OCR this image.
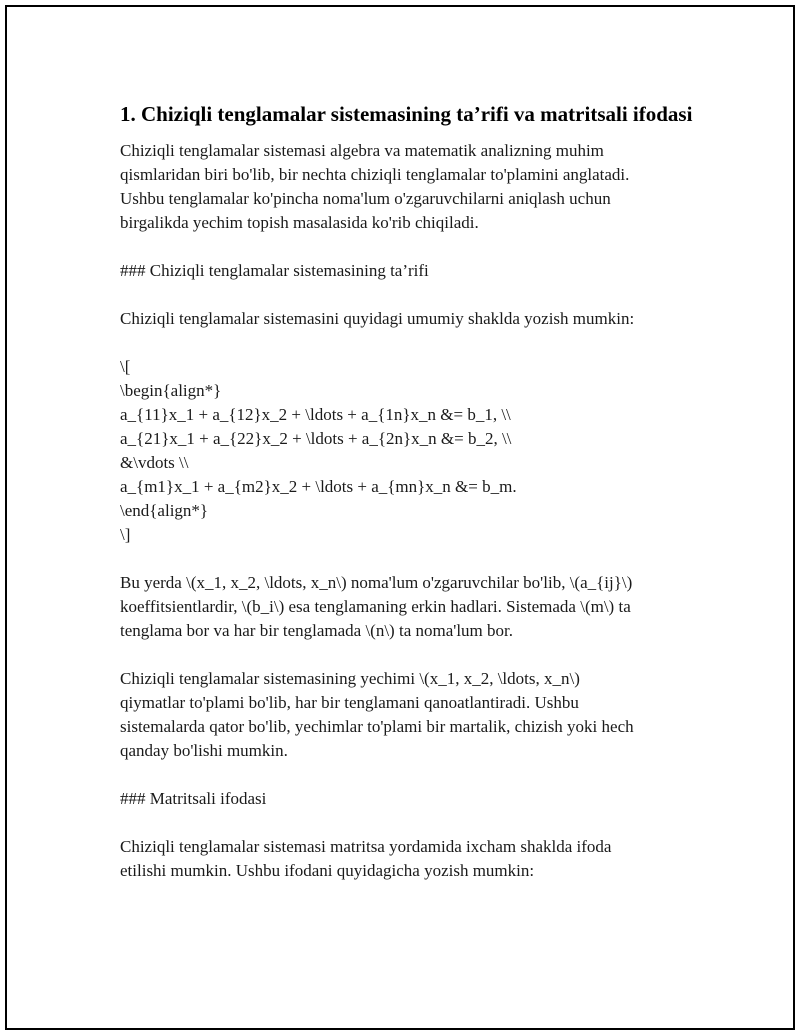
1. Chiziqli tenglamalar sistemasining ta’rifi va matritsali ifodasi
Chiziqli tenglamalar sistemasi algebra va matematik analizning muhim
qismlaridan biri bo'lib, bir nechta chiziqli tenglamalar to'plamini anglatadi.
Ushbu tenglamalar ko'pincha noma'lum o'zgaruvchilarni aniqlash uchun
birgalikda yechim topish masalasida ko'rib chiqiladi.
### Chiziqli tenglamalar sistemasining ta’rifi
Chiziqli tenglamalar sistemasini quyidagi umumiy shaklda yozish mumkin:
\[
\begin{align*}
a_{11}x_1 + a_{12}x_2 + \ldots + a_{1n}x_n &= b_1, \\
a_{21}x_1 + a_{22}x_2 + \ldots + a_{2n}x_n &= b_2, \\
&\vdots \\
a_{m1}x_1 + a_{m2}x_2 + \ldots + a_{mn}x_n &= b_m.
\end{align*}
\]
Bu yerda \(x_1, x_2, \ldots, x_n\) noma'lum o'zgaruvchilar bo'lib, \(a_{ij}\)
koeffitsientlardir, \(b_i\) esa tenglamaning erkin hadlari. Sistemada \(m\) ta
tenglama bor va har bir tenglamada \(n\) ta noma'lum bor.
Chiziqli tenglamalar sistemasining yechimi \(x_1, x_2, \ldots, x_n\)
qiymatlar to'plami bo'lib, har bir tenglamani qanoatlantiradi. Ushbu
sistemalarda qator bo'lib, yechimlar to'plami bir martalik, chizish yoki hech
qanday bo'lishi mumkin.
### Matritsali ifodasi
Chiziqli tenglamalar sistemasi matritsa yordamida ixcham shaklda ifoda
etilishi mumkin. Ushbu ifodani quyidagicha yozish mumkin:
